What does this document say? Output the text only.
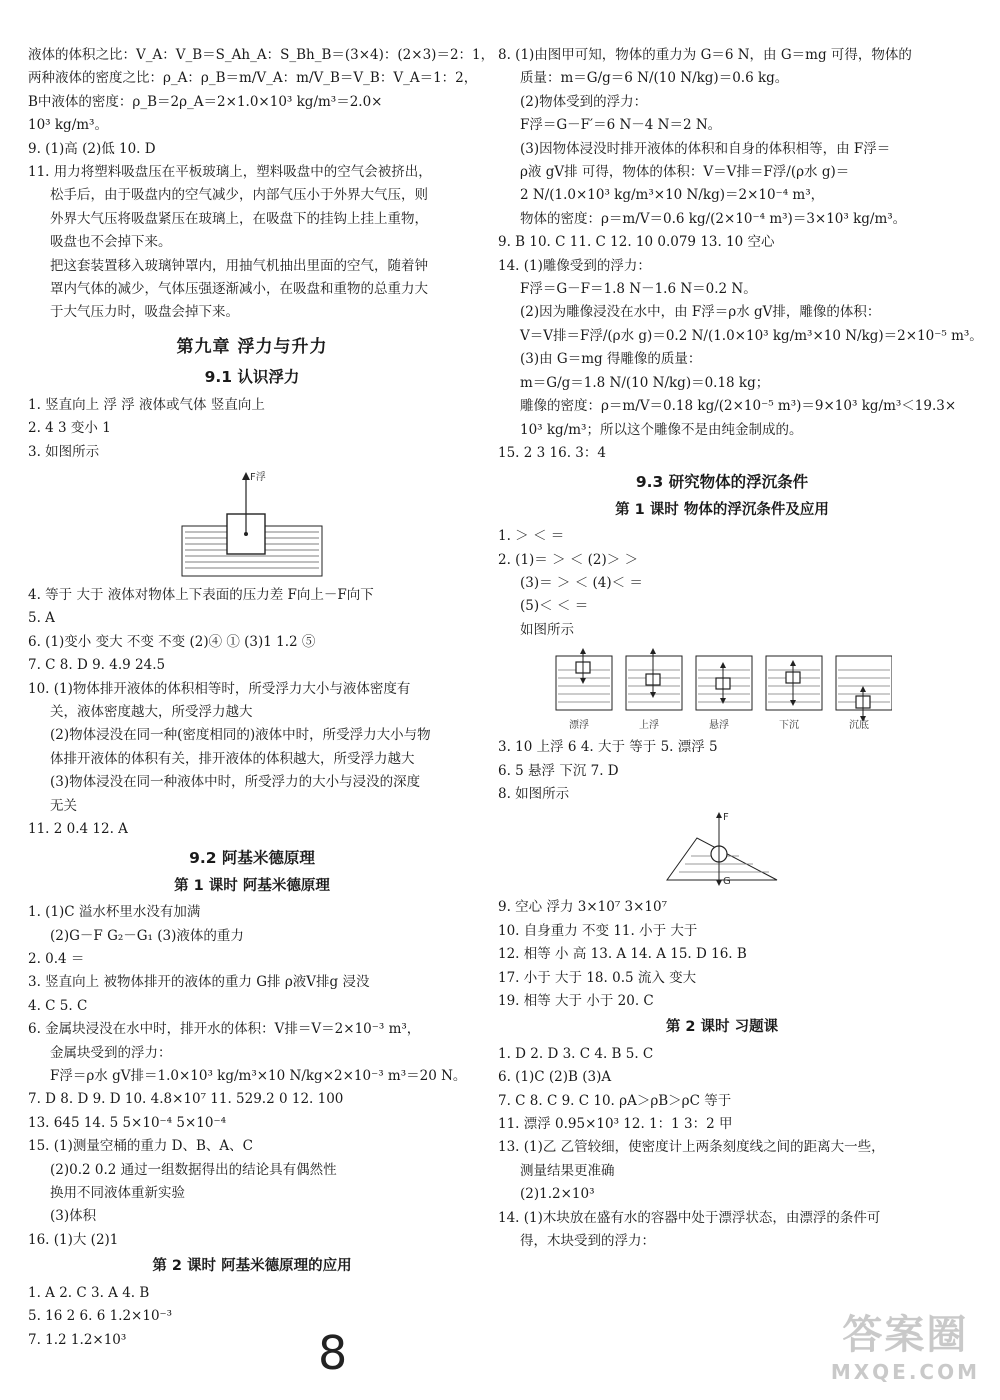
液体的体积之比：V_A：V_B＝S_Ah_A：S_Bh_B＝(3×4)：(2×3)＝2：1，
两种液体的密度之比：ρ_A：ρ_B＝m/V_A：m/V_B＝V_B：V_A＝1：2，
B中液体的密度：ρ_B＝2ρ_A＝2×1.0×10³ kg/m³＝2.0×
10³ kg/m³。
9. (1)高 (2)低 10. D
11. 用力将塑料吸盘压在平板玻璃上，塑料吸盘中的空气会被挤出，
松手后，由于吸盘内的空气减少，内部气压小于外界大气压，则
外界大气压将吸盘紧压在玻璃上，在吸盘下的挂钩上挂上重物，
吸盘也不会掉下来。
把这套装置移入玻璃钟罩内，用抽气机抽出里面的空气，随着钟
罩内气体的减少，气体压强逐渐减小，在吸盘和重物的总重力大
于大气压力时，吸盘会掉下来。
第九章 浮力与升力
9.1 认识浮力
1. 竖直向上 浮 浮 液体或气体 竖直向上
2. 4 3 变小 1
3. 如图所示
F浮
4. 等于 大于 液体对物体上下表面的压力差 F向上－F向下
5. A
6. (1)变小 变大 不变 不变 (2)④ ① (3)1 1.2 ⑤
7. C 8. D 9. 4.9 24.5
10. (1)物体排开液体的体积相等时，所受浮力大小与液体密度有
关，液体密度越大，所受浮力越大
(2)物体浸没在同一种(密度相同的)液体中时，所受浮力大小与物
体排开液体的体积有关，排开液体的体积越大，所受浮力越大
(3)物体浸没在同一种液体中时，所受浮力的大小与浸没的深度
无关
11. 2 0.4 12. A
9.2 阿基米德原理
第 1 课时 阿基米德原理
1. (1)C 溢水杯里水没有加满
(2)G－F G₂－G₁ (3)液体的重力
2. 0.4 ＝
3. 竖直向上 被物体排开的液体的重力 G排 ρ液V排g 浸没
4. C 5. C
6. 金属块浸没在水中时，排开水的体积：V排＝V＝2×10⁻³ m³，
金属块受到的浮力：
F浮＝ρ水 gV排＝1.0×10³ kg/m³×10 N/kg×2×10⁻³ m³＝20 N。
7. D 8. D 9. D 10. 4.8×10⁷ 11. 529.2 0 12. 100
13. 645 14. 5 5×10⁻⁴ 5×10⁻⁴
15. (1)测量空桶的重力 D、B、A、C
(2)0.2 0.2 通过一组数据得出的结论具有偶然性
换用不同液体重新实验
(3)体积
16. (1)大 (2)1
第 2 课时 阿基米德原理的应用
1. A 2. C 3. A 4. B
5. 16 2 6. 6 1.2×10⁻³
7. 1.2 1.2×10³
8. (1)由图甲可知，物体的重力为 G＝6 N，由 G＝mg 可得，物体的
质量：m＝G/g＝6 N/(10 N/kg)＝0.6 kg。
(2)物体受到的浮力：
F浮＝G－F′＝6 N－4 N＝2 N。
(3)因物体浸没时排开液体的体积和自身的体积相等，由 F浮＝
ρ液 gV排 可得，物体的体积：V＝V排＝F浮/(ρ水 g)＝
2 N/(1.0×10³ kg/m³×10 N/kg)＝2×10⁻⁴ m³，
物体的密度：ρ＝m/V＝0.6 kg/(2×10⁻⁴ m³)＝3×10³ kg/m³。
9. B 10. C 11. C 12. 10 0.079 13. 10 空心
14. (1)雕像受到的浮力：
F浮＝G－F＝1.8 N－1.6 N＝0.2 N。
(2)因为雕像浸没在水中，由 F浮＝ρ水 gV排，雕像的体积：
V＝V排＝F浮/(ρ水 g)＝0.2 N/(1.0×10³ kg/m³×10 N/kg)＝2×10⁻⁵ m³。
(3)由 G＝mg 得雕像的质量：
m＝G/g＝1.8 N/(10 N/kg)＝0.18 kg；
雕像的密度：ρ＝m/V＝0.18 kg/(2×10⁻⁵ m³)＝9×10³ kg/m³＜19.3×
10³ kg/m³；所以这个雕像不是由纯金制成的。
15. 2 3 16. 3：4
9.3 研究物体的浮沉条件
第 1 课时 物体的浮沉条件及应用
1. ＞ ＜ ＝
2. (1)＝ ＞ ＜ (2)＞ ＞
(3)＝ ＞ ＜ (4)＜ ＝
(5)＜ ＜ ＝
如图所示
漂浮	上浮	悬浮	下沉	沉底
3. 10 上浮 6 4. 大于 等于 5. 漂浮 5
6. 5 悬浮 下沉 7. D
8. 如图所示
F
G
9. 空心 浮力 3×10⁷ 3×10⁷
10. 自身重力 不变 11. 小于 大于
12. 相等 小 高 13. A 14. A 15. D 16. B
17. 小于 大于 18. 0.5 流入 变大
19. 相等 大于 小于 20. C
第 2 课时 习题课
1. D 2. D 3. C 4. B 5. C
6. (1)C (2)B (3)A
7. C 8. C 9. C 10. ρA＞ρB＞ρC 等于
11. 漂浮 0.95×10³ 12. 1：1 3：2 甲
13. (1)乙 乙管较细，使密度计上两条刻度线之间的距离大一些，
测量结果更准确
(2)1.2×10³
14. (1)木块放在盛有水的容器中处于漂浮状态，由漂浮的条件可
得，木块受到的浮力：
8	答案圈
MXQE.COM
